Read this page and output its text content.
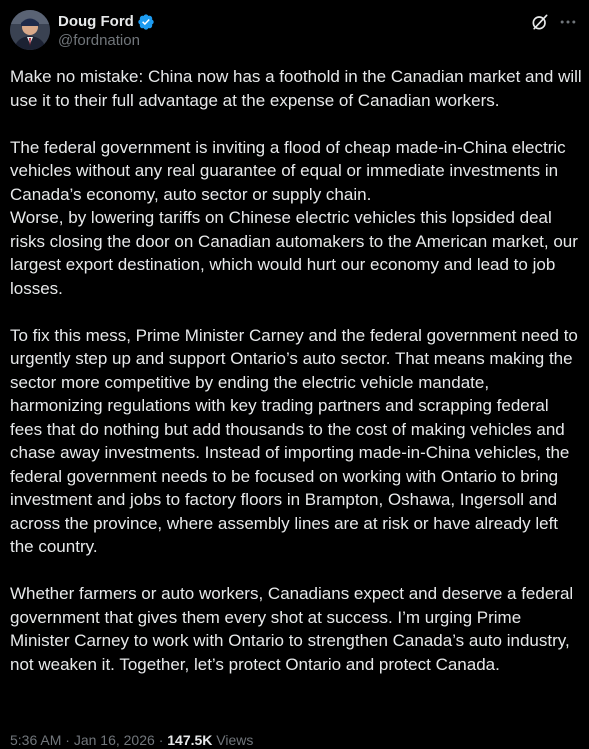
Doug Ford
@fordnation

Make no mistake: China now has a foothold in the Canadian market and will use it to their full advantage at the expense of Canadian workers.

The federal government is inviting a flood of cheap made-in-China electric vehicles without any real guarantee of equal or immediate investments in Canada’s economy, auto sector or supply chain.
Worse, by lowering tariffs on Chinese electric vehicles this lopsided deal risks closing the door on Canadian automakers to the American market, our largest export destination, which would hurt our economy and lead to job losses.

To fix this mess, Prime Minister Carney and the federal government need to urgently step up and support Ontario’s auto sector. That means making the sector more competitive by ending the electric vehicle mandate, harmonizing regulations with key trading partners and scrapping federal fees that do nothing but add thousands to the cost of making vehicles and chase away investments. Instead of importing made-in-China vehicles, the federal government needs to be focused on working with Ontario to bring investment and jobs to factory floors in Brampton, Oshawa, Ingersoll and across the province, where assembly lines are at risk or have already left the country.

Whether farmers or auto workers, Canadians expect and deserve a federal government that gives them every shot at success. I’m urging Prime Minister Carney to work with Ontario to strengthen Canada’s auto industry, not weaken it. Together, let’s protect Ontario and protect Canada.

5:36 AM · Jan 16, 2026 · 147.5K Views
